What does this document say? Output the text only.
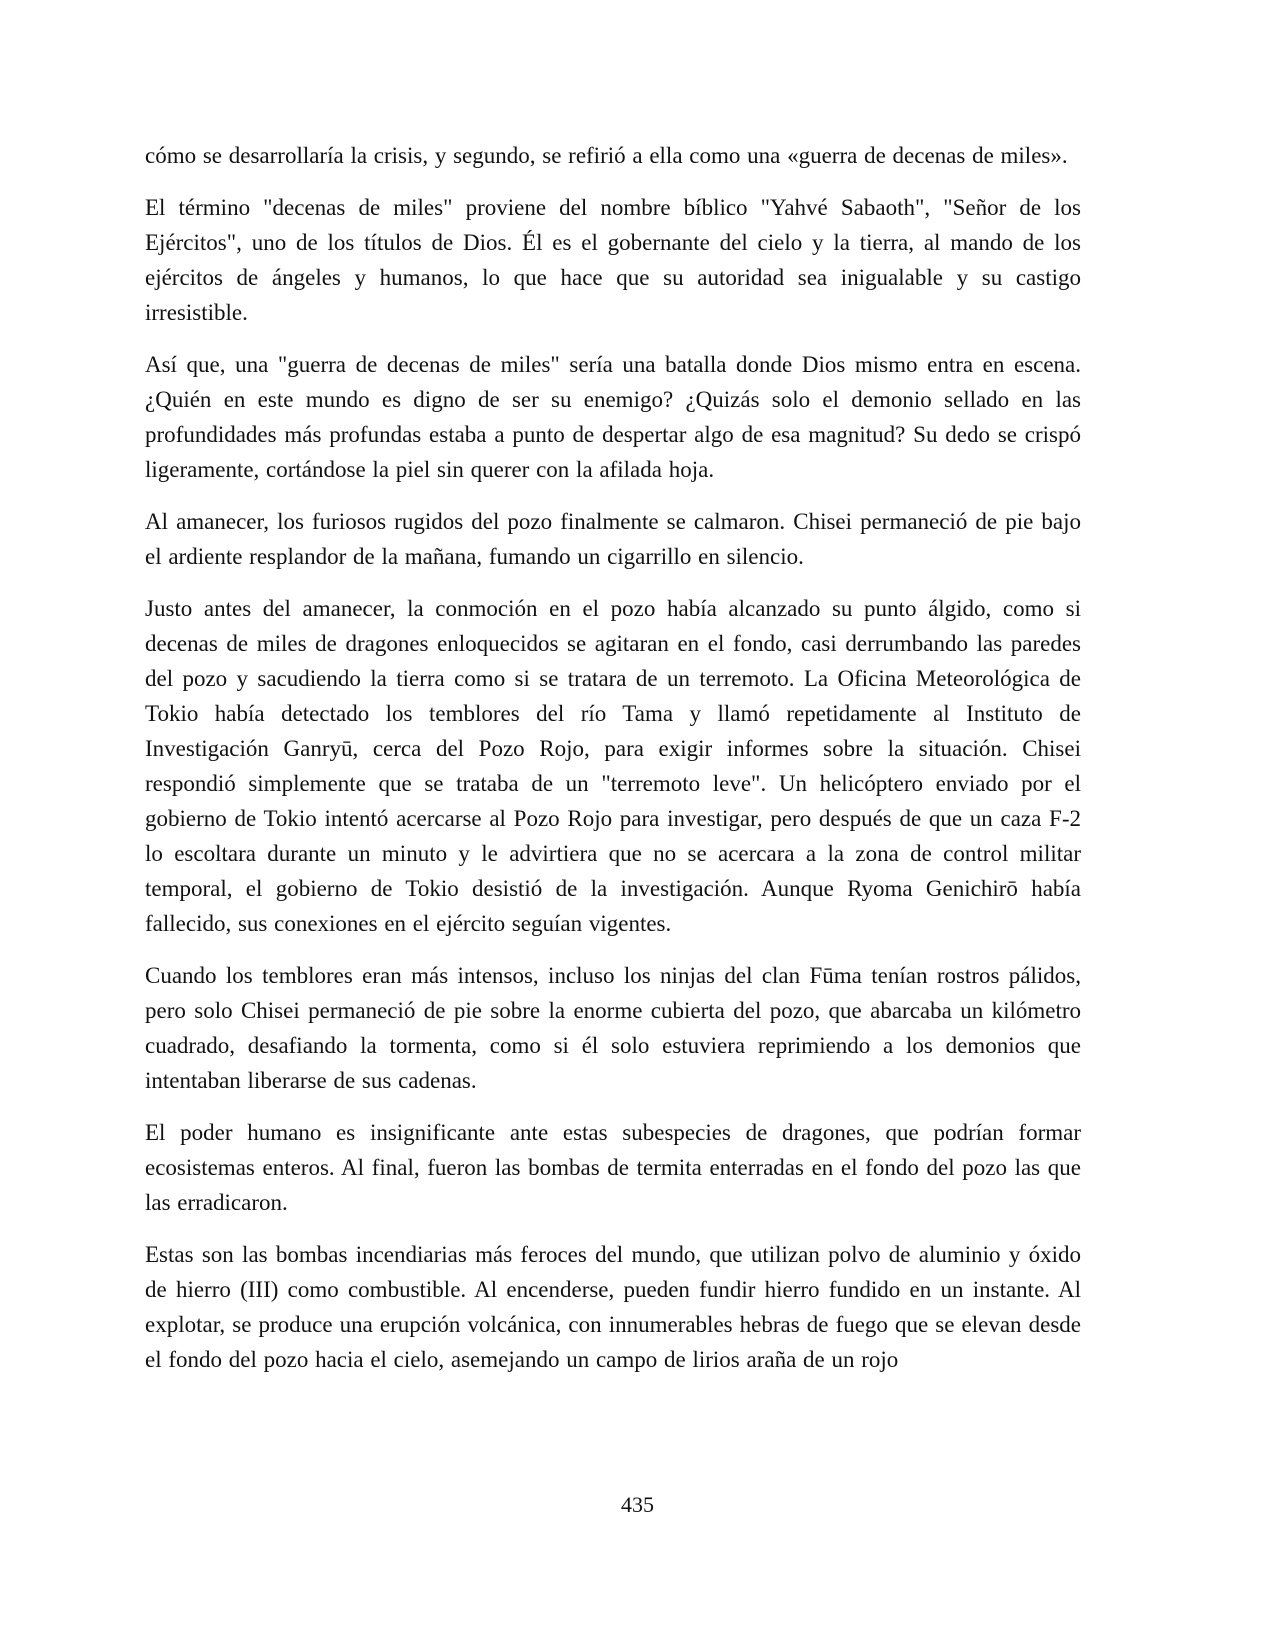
cómo se desarrollaría la crisis, y segundo, se refirió a ella como una «guerra de decenas de miles».

El término "decenas de miles" proviene del nombre bíblico "Yahvé Sabaoth", "Señor de los Ejércitos", uno de los títulos de Dios. Él es el gobernante del cielo y la tierra, al mando de los ejércitos de ángeles y humanos, lo que hace que su autoridad sea inigualable y su castigo irresistible.

Así que, una "guerra de decenas de miles" sería una batalla donde Dios mismo entra en escena. ¿Quién en este mundo es digno de ser su enemigo? ¿Quizás solo el demonio sellado en las profundidades más profundas estaba a punto de despertar algo de esa magnitud? Su dedo se crispó ligeramente, cortándose la piel sin querer con la afilada hoja.

Al amanecer, los furiosos rugidos del pozo finalmente se calmaron. Chisei permaneció de pie bajo el ardiente resplandor de la mañana, fumando un cigarrillo en silencio.

Justo antes del amanecer, la conmoción en el pozo había alcanzado su punto álgido, como si decenas de miles de dragones enloquecidos se agitaran en el fondo, casi derrumbando las paredes del pozo y sacudiendo la tierra como si se tratara de un terremoto. La Oficina Meteorológica de Tokio había detectado los temblores del río Tama y llamó repetidamente al Instituto de Investigación Ganryū, cerca del Pozo Rojo, para exigir informes sobre la situación. Chisei respondió simplemente que se trataba de un "terremoto leve". Un helicóptero enviado por el gobierno de Tokio intentó acercarse al Pozo Rojo para investigar, pero después de que un caza F-2 lo escoltara durante un minuto y le advirtiera que no se acercara a la zona de control militar temporal, el gobierno de Tokio desistió de la investigación. Aunque Ryoma Genichirō había fallecido, sus conexiones en el ejército seguían vigentes.

Cuando los temblores eran más intensos, incluso los ninjas del clan Fūma tenían rostros pálidos, pero solo Chisei permaneció de pie sobre la enorme cubierta del pozo, que abarcaba un kilómetro cuadrado, desafiando la tormenta, como si él solo estuviera reprimiendo a los demonios que intentaban liberarse de sus cadenas.

El poder humano es insignificante ante estas subespecies de dragones, que podrían formar ecosistemas enteros. Al final, fueron las bombas de termita enterradas en el fondo del pozo las que las erradicaron.

Estas son las bombas incendiarias más feroces del mundo, que utilizan polvo de aluminio y óxido de hierro (III) como combustible. Al encenderse, pueden fundir hierro fundido en un instante. Al explotar, se produce una erupción volcánica, con innumerables hebras de fuego que se elevan desde el fondo del pozo hacia el cielo, asemejando un campo de lirios araña de un rojo

435
